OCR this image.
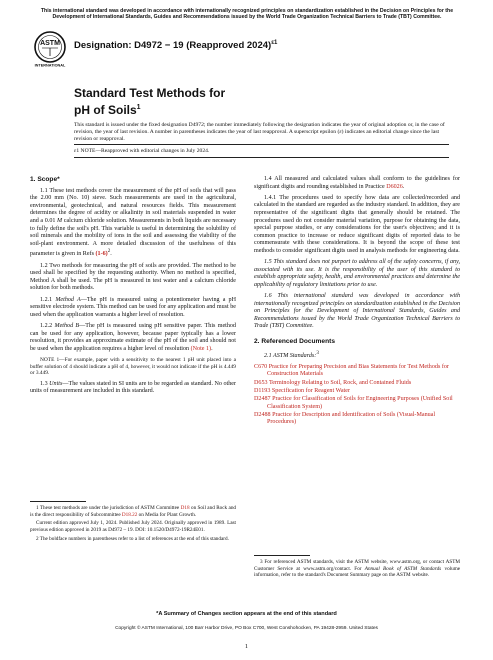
This international standard was developed in accordance with internationally recognized principles on standardization established in the Decision on Principles for the Development of International Standards, Guides and Recommendations issued by the World Trade Organization Technical Barriers to Trade (TBT) Committee.
ASTM
INTERNATIONAL
Designation: D4972 − 19 (Reapproved 2024)$^{\varepsilon 1}$
Standard Test Methods for
pH of Soils$^1$
This standard is issued under the fixed designation D4972; the number immediately following the designation indicates the year of original adoption or, in the case of revision, the year of last revision. A number in parentheses indicates the year of last reapproval. A superscript epsilon (ε) indicates an editorial change since the last revision or reapproval.
ε1 NOTE—Reapproved with editorial changes in July 2024.
1. Scope*

1.1 These test methods cover the measurement of the pH of soils that will pass the 2.00 mm (No. 10) sieve. Such measurements are used in the agricultural, environmental, geotechnical, and natural resources fields. This measurement determines the degree of acidity or alkalinity in soil materials suspended in water and a 0.01 M calcium chloride solution. Measurements in both liquids are necessary to fully define the soil's pH. This variable is useful in determining the solubility of soil minerals and the mobility of ions in the soil and assessing the viability of the soil-plant environment. A more detailed discussion of the usefulness of this parameter is given in Refs $(1-6)^2$.

1.2 Two methods for measuring the pH of soils are provided. The method to be used shall be specified by the requesting authority. When no method is specified, Method A shall be used. The pH is measured in test water and a calcium chloride solution for both methods.

1.2.1 Method A—The pH is measured using a potentiometer having a pH sensitive electrode system. This method can be used for any application and must be used when the application warrants a higher level of resolution.

1.2.2 Method B—The pH is measured using pH sensitive paper. This method can be used for any application, however, because paper typically has a lower resolution, it provides an approximate estimate of the pH of the soil and should not be used when the application requires a higher level of resolution (Note 1).

NOTE 1—For example, paper with a sensitivity to the nearest 1 pH unit placed into a buffer solution of 4 should indicate a pH of 4, however, it would not indicate if the pH is 4.449 or 3.449.

1.3 Units—The values stated in SI units are to be regarded as standard. No other units of measurement are included in this standard.

1 These test methods are under the jurisdiction of ASTM Committee D18 on Soil and Rock and is the direct responsibility of Subcommittee D18.22 on Media for Plant Growth.

Current edition approved July 1, 2024. Published July 2024. Originally approved in 1989. Last previous edition approved in 2019 as D4972 – 19. DOI: 10.1520/D4972-19R24E01.

2 The boldface numbers in parentheses refer to a list of references at the end of this standard.

1.4 All measured and calculated values shall conform to the guidelines for significant digits and rounding established in Practice D6026.

1.4.1 The procedures used to specify how data are collected/recorded and calculated in the standard are regarded as the industry standard. In addition, they are representative of the significant digits that generally should be retained. The procedures used do not consider material variation, purpose for obtaining the data, special purpose studies, or any considerations for the user's objectives; and it is common practice to increase or reduce significant digits of reported data to be commensurate with these considerations. It is beyond the scope of these test methods to consider significant digits used in analysis methods for engineering data.

1.5 This standard does not purport to address all of the safety concerns, if any, associated with its use. It is the responsibility of the user of this standard to establish appropriate safety, health, and environmental practices and determine the applicability of regulatory limitations prior to use.

1.6 This international standard was developed in accordance with internationally recognized principles on standardization established in the Decision on Principles for the Development of International Standards, Guides and Recommendations issued by the World Trade Organization Technical Barriers to Trade (TBT) Committee.

2. Referenced Documents

2.1 ASTM Standards:$^3$

C670 Practice for Preparing Precision and Bias Statements for Test Methods for Construction Materials
D653 Terminology Relating to Soil, Rock, and Contained Fluids
D1193 Specification for Reagent Water
D2487 Practice for Classification of Soils for Engineering Purposes (Unified Soil Classification System)
D2488 Practice for Description and Identification of Soils (Visual-Manual Procedures)

3 For referenced ASTM standards, visit the ASTM website, www.astm.org, or contact ASTM Customer Service at www.astm.org/contact. For Annual Book of ASTM Standards volume information, refer to the standard's Document Summary page on the ASTM website.

*A Summary of Changes section appears at the end of this standard
Copyright © ASTM International, 100 Barr Harbor Drive, PO Box C700, West Conshohocken, PA 19428-2959. United States
1
